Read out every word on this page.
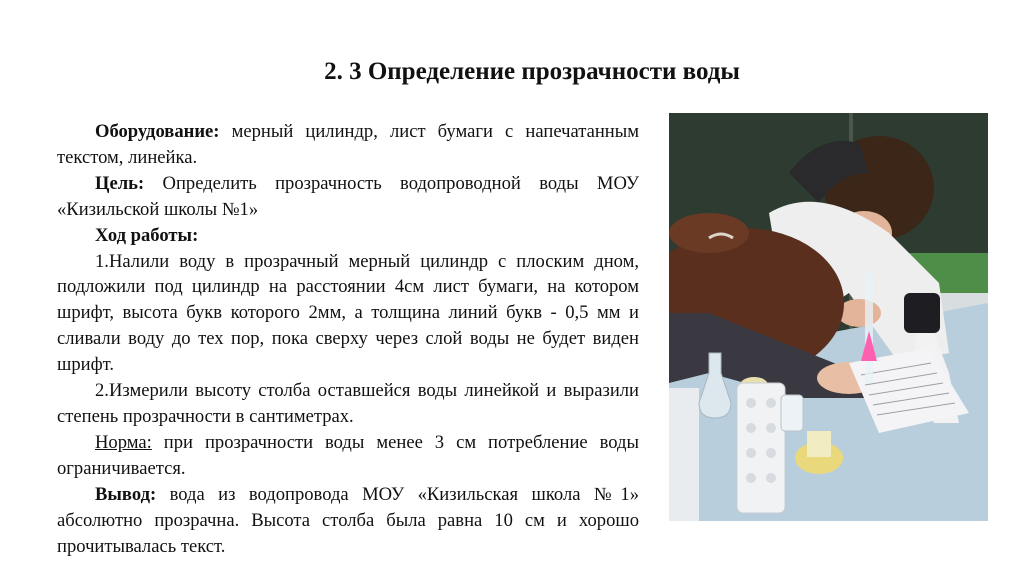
2. 3 Определение прозрачности воды

Оборудование: мерный цилиндр, лист бумаги с напечатанным текстом, линейка.

Цель: Определить прозрачность водопроводной воды МОУ «Кизильской школы №1»

Ход работы:

1.Налили воду в прозрачный мерный цилиндр с плоским дном, подложили под цилиндр на расстоянии 4см лист бумаги, на котором шрифт, высота букв которого 2мм, а толщина линий букв - 0,5 мм и сливали воду до тех пор, пока сверху через слой воды не будет виден шрифт.

2.Измерили высоту столба оставшейся воды линейкой и выразили степень прозрачности в сантиметрах.

Норма: при прозрачности воды менее 3 см потребление воды ограничивается.

Вывод: вода из водопровода МОУ «Кизильская школа №1» абсолютно прозрачна. Высота столба была равна 10 см и хорошо прочитывалась текст.
